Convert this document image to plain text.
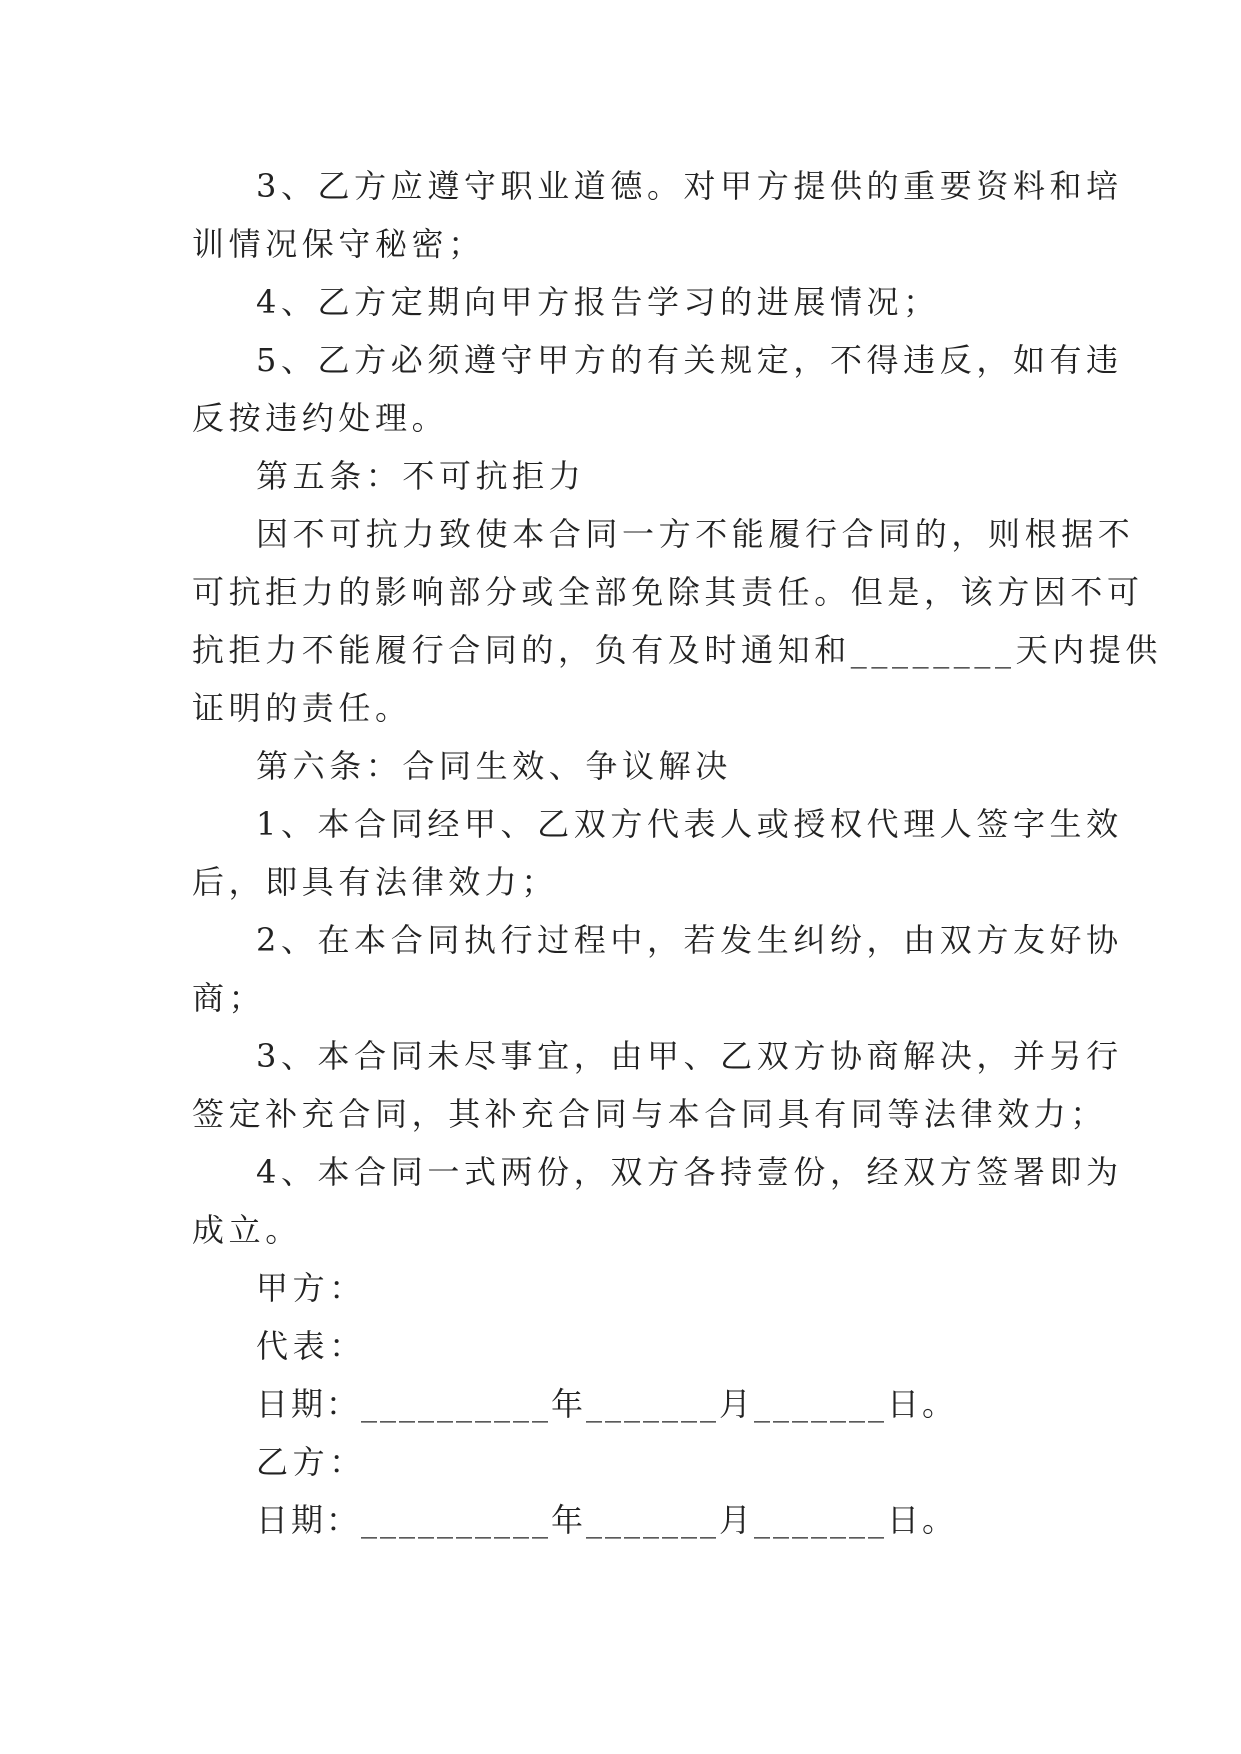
3、乙方应遵守职业道德。对甲方提供的重要资料和培
训情况保守秘密；
4、乙方定期向甲方报告学习的进展情况；
5、乙方必须遵守甲方的有关规定，不得违反，如有违
反按违约处理。
第五条：不可抗拒力
因不可抗力致使本合同一方不能履行合同的，则根据不
可抗拒力的影响部分或全部免除其责任。但是，该方因不可
抗拒力不能履行合同的，负有及时通知和________天内提供
证明的责任。
第六条：合同生效、争议解决
1、本合同经甲、乙双方代表人或授权代理人签字生效
后，即具有法律效力；
2、在本合同执行过程中，若发生纠纷，由双方友好协
商；
3、本合同未尽事宜，由甲、乙双方协商解决，并另行
签定补充合同，其补充合同与本合同具有同等法律效力；
4、本合同一式两份，双方各持壹份，经双方签署即为
成立。
甲方：
代表：
日期：__________年_______月_______日。
乙方：
日期：__________年_______月_______日。
